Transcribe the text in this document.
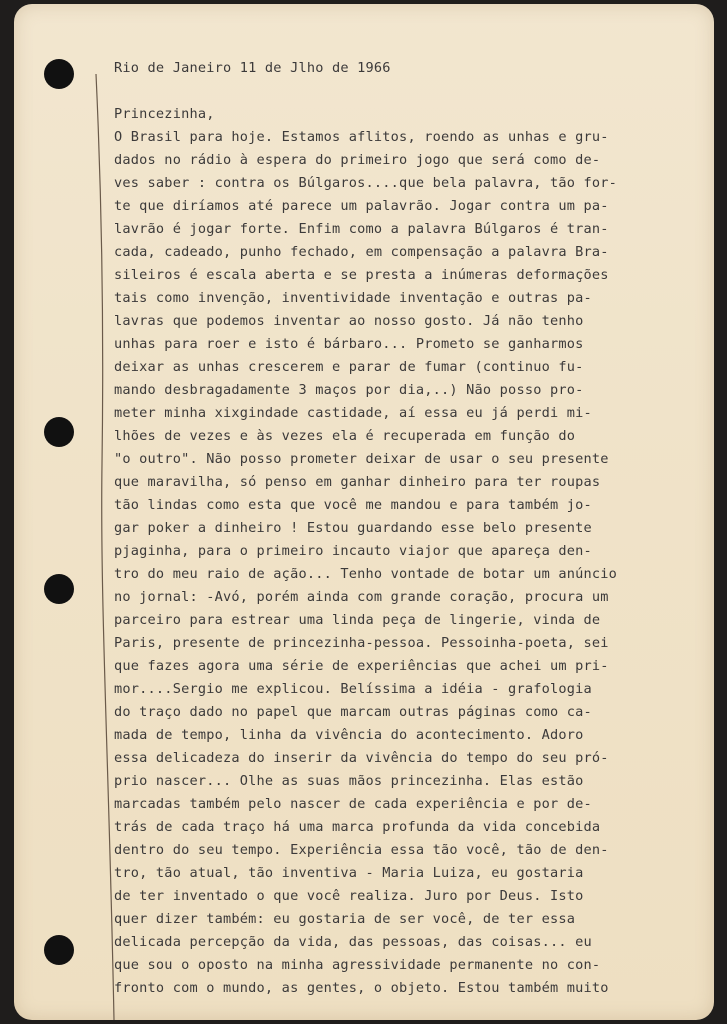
Rio de Janeiro 11 de Jlho de 1966

Princezinha,

O Brasil para hoje. Estamos aflitos, roendo as unhas e gru-

dados no rádio à espera do primeiro jogo que será como de-

ves saber : contra os Búlgaros....que bela palavra, tão for-

te que diríamos até parece um palavrão. Jogar contra um pa-

lavrão é jogar forte. Enfim como a palavra Búlgaros é tran-

cada, cadeado, punho fechado, em compensação a palavra Bra-

sileiros é escala aberta e se presta a inúmeras deformações

tais como invenção, inventividade inventação e outras pa-

lavras que podemos inventar ao nosso gosto. Já não tenho

unhas para roer e isto é bárbaro... Prometo se ganharmos

deixar as unhas crescerem e parar de fumar (continuo fu-

mando desbragadamente 3 maços por dia,..) Não posso pro-

meter minha xixgindade castidade, aí essa eu já perdi mi-

lhões de vezes e às vezes ela é recuperada em função do

"o outro". Não posso prometer deixar de usar o seu presente

que maravilha, só penso em ganhar dinheiro para ter roupas

tão lindas como esta que você me mandou e para também jo-

gar poker a dinheiro ! Estou guardando esse belo presente

pjaginha, para o primeiro incauto viajor que apareça den-

tro do meu raio de ação... Tenho vontade de botar um anúncio

no jornal: -Avó, porém ainda com grande coração, procura um

parceiro para estrear uma linda peça de lingerie, vinda de

Paris, presente de princezinha-pessoa. Pessoinha-poeta, sei

que fazes agora uma série de experiências que achei um pri-

mor....Sergio me explicou. Belíssima a idéia - grafologia

do traço dado no papel que marcam outras páginas como ca-

mada de tempo, linha da vivência do acontecimento. Adoro

essa delicadeza do inserir da vivência do tempo do seu pró-

prio nascer... Olhe as suas mãos princezinha. Elas estão

marcadas também pelo nascer de cada experiência e por de-

trás de cada traço há uma marca profunda da vida concebida

dentro do seu tempo. Experiência essa tão você, tão de den-

tro, tão atual, tão inventiva - Maria Luiza, eu gostaria

de ter inventado o que você realiza. Juro por Deus. Isto

quer dizer também: eu gostaria de ser você, de ter essa

delicada percepção da vida, das pessoas, das coisas... eu

que sou o oposto na minha agressividade permanente no con-

fronto com o mundo, as gentes, o objeto. Estou também muito
